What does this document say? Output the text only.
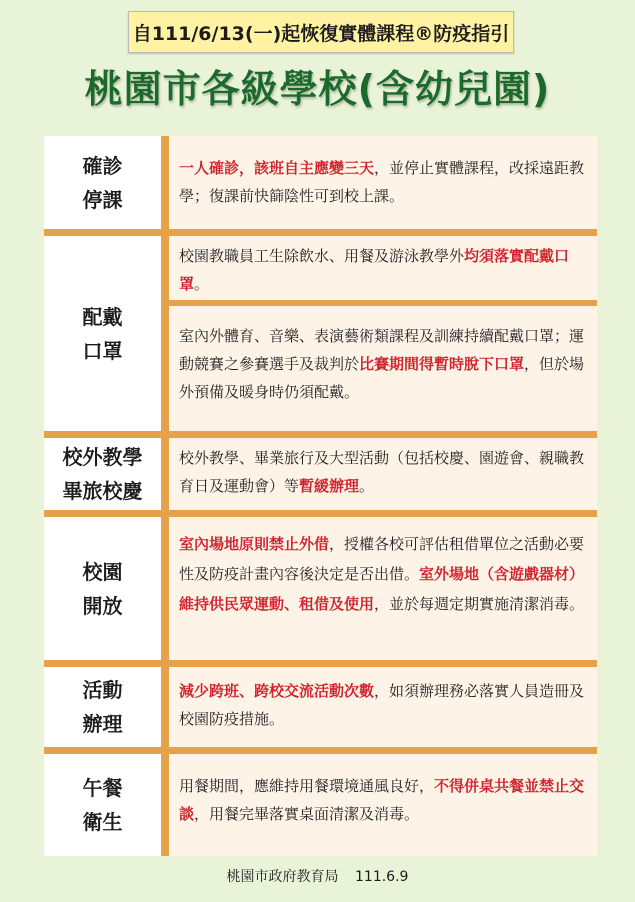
自111/6/13(一)起恢復實體課程®防疫指引
桃園市各級學校(含幼兒園)
確診
停課
一人確診，該班自主應變三天，並停止實體課程，改採遠距教學；復課前快篩陰性可到校上課。
配戴
口罩
校園教職員工生除飲水、用餐及游泳教學外均須落實配戴口罩。
室內外體育、音樂、表演藝術類課程及訓練持續配戴口罩；運動競賽之參賽選手及裁判於比賽期間得暫時脫下口罩，但於場外預備及暖身時仍須配戴。
校外教學
畢旅校慶
校外教學、畢業旅行及大型活動（包括校慶、園遊會、親職教育日及運動會）等暫緩辦理。
校園
開放
室內場地原則禁止外借，授權各校可評估租借單位之活動必要性及防疫計畫內容後決定是否出借。室外場地（含遊戲器材）維持供民眾運動、租借及使用，並於每週定期實施清潔消毒。
活動
辦理
減少跨班、跨校交流活動次數，如須辦理務必落實人員造冊及校園防疫措施。
午餐
衛生
用餐期間，應維持用餐環境通風良好，不得併桌共餐並禁止交談，用餐完畢落實桌面清潔及消毒。
桃園市政府教育局 111.6.9
